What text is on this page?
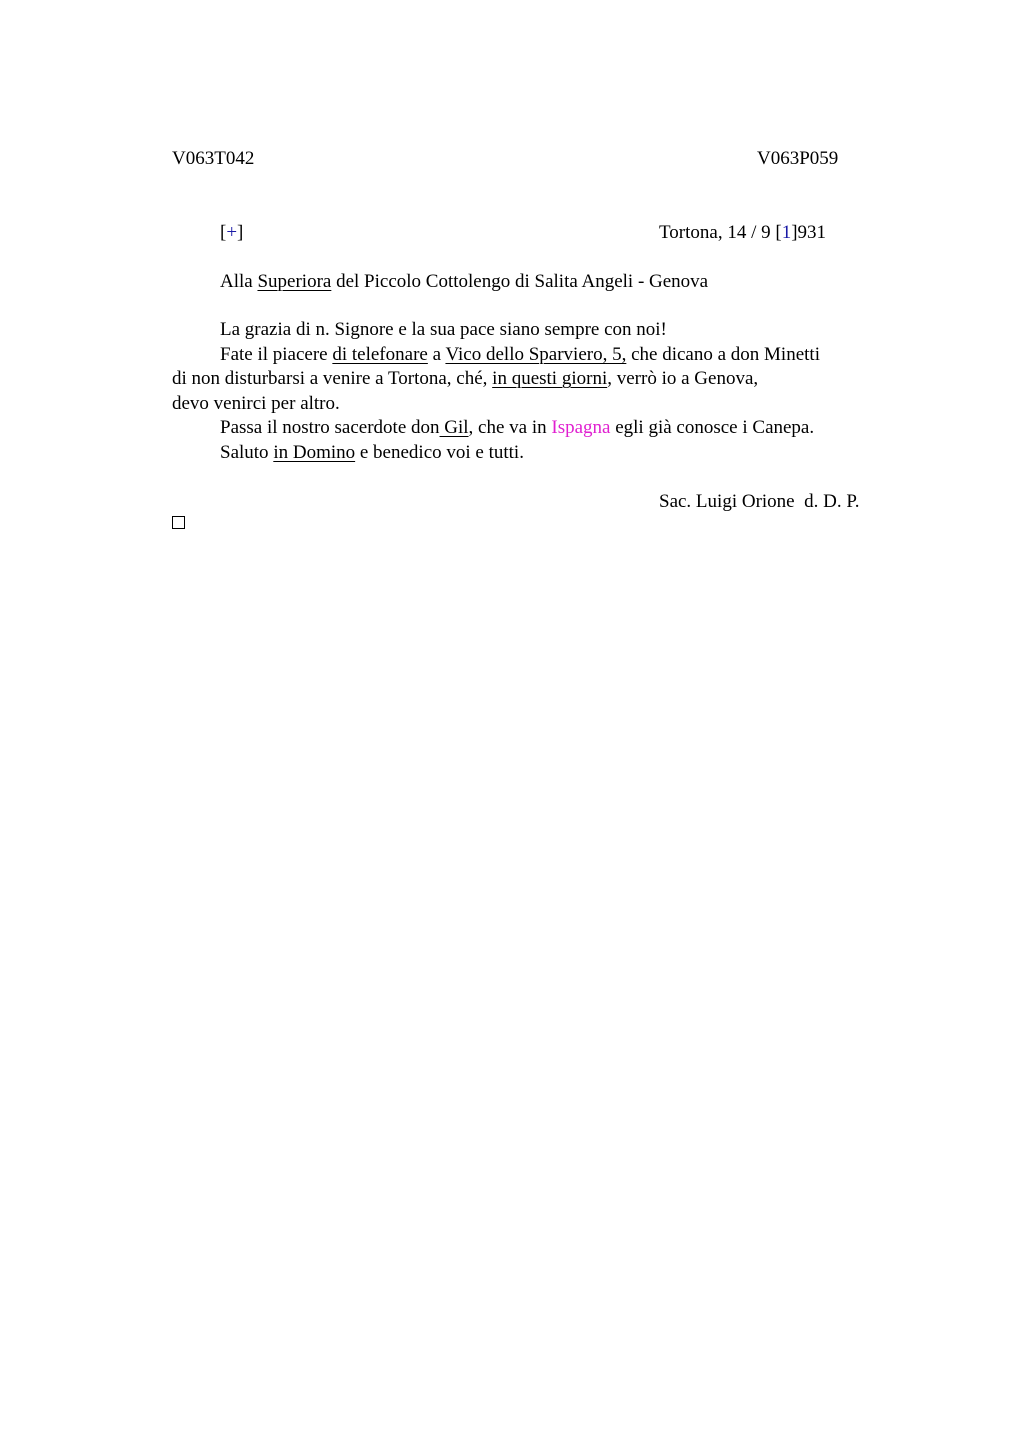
V063T042	V063P059
[+]	Tortona, 14 / 9 [1]931
Alla Superiora del Piccolo Cottolengo di Salita Angeli - Genova
La grazia di n. Signore e la sua pace siano sempre con noi!
Fate il piacere di telefonare a Vico dello Sparviero, 5, che dicano a don Minetti
di non disturbarsi a venire a Tortona, ché, in questi giorni, verrò io a Genova,
devo venirci per altro.
Passa il nostro sacerdote don Gil, che va in Ispagna egli già conosce i Canepa.
Saluto in Domino e benedico voi e tutti.
Sac. Luigi Orione  d. D. P.
